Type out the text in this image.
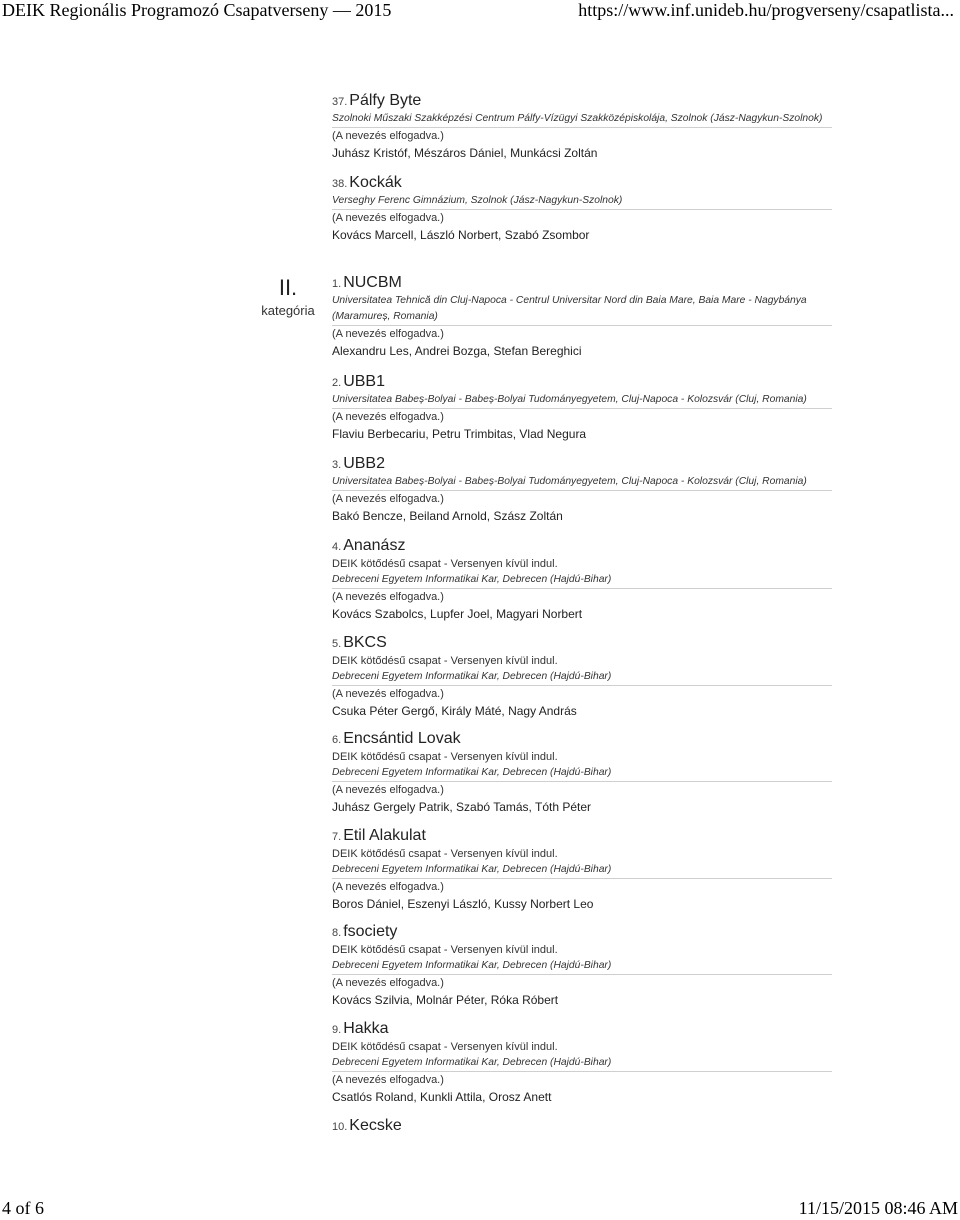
DEIK Regionális Programozó Csapatverseny — 2015	https://www.inf.unideb.hu/progverseny/csapatlista...
II.
kategória
37. Pálfy Byte
Szolnoki Műszaki Szakképzési Centrum Pálfy-Vízügyi Szakközépiskolája, Szolnok (Jász-Nagykun-Szolnok)
(A nevezés elfogadva.)
Juhász Kristóf, Mészáros Dániel, Munkácsi Zoltán
38. Kockák
Verseghy Ferenc Gimnázium, Szolnok (Jász-Nagykun-Szolnok)
(A nevezés elfogadva.)
Kovács Marcell, László Norbert, Szabó Zsombor
1. NUCBM
Universitatea Tehnică din Cluj-Napoca - Centrul Universitar Nord din Baia Mare, Baia Mare - Nagybánya (Maramureș, Romania)
(A nevezés elfogadva.)
Alexandru Les, Andrei Bozga, Stefan Bereghici
2. UBB1
Universitatea Babeș-Bolyai - Babeș-Bolyai Tudományegyetem, Cluj-Napoca - Kolozsvár (Cluj, Romania)
(A nevezés elfogadva.)
Flaviu Berbecariu, Petru Trimbitas, Vlad Negura
3. UBB2
Universitatea Babeș-Bolyai - Babeș-Bolyai Tudományegyetem, Cluj-Napoca - Kolozsvár (Cluj, Romania)
(A nevezés elfogadva.)
Bakó Bencze, Beiland Arnold, Szász Zoltán
4. Ananász
DEIK kötődésű csapat - Versenyen kívül indul.
Debreceni Egyetem Informatikai Kar, Debrecen (Hajdú-Bihar)
(A nevezés elfogadva.)
Kovács Szabolcs, Lupfer Joel, Magyari Norbert
5. BKCS
DEIK kötődésű csapat - Versenyen kívül indul.
Debreceni Egyetem Informatikai Kar, Debrecen (Hajdú-Bihar)
(A nevezés elfogadva.)
Csuka Péter Gergő, Király Máté, Nagy András
6. Encsántid Lovak
DEIK kötődésű csapat - Versenyen kívül indul.
Debreceni Egyetem Informatikai Kar, Debrecen (Hajdú-Bihar)
(A nevezés elfogadva.)
Juhász Gergely Patrik, Szabó Tamás, Tóth Péter
7. Etil Alakulat
DEIK kötődésű csapat - Versenyen kívül indul.
Debreceni Egyetem Informatikai Kar, Debrecen (Hajdú-Bihar)
(A nevezés elfogadva.)
Boros Dániel, Eszenyi László, Kussy Norbert Leo
8. fsociety
DEIK kötődésű csapat - Versenyen kívül indul.
Debreceni Egyetem Informatikai Kar, Debrecen (Hajdú-Bihar)
(A nevezés elfogadva.)
Kovács Szilvia, Molnár Péter, Róka Róbert
9. Hakka
DEIK kötődésű csapat - Versenyen kívül indul.
Debreceni Egyetem Informatikai Kar, Debrecen (Hajdú-Bihar)
(A nevezés elfogadva.)
Csatlós Roland, Kunkli Attila, Orosz Anett
10. Kecske
4 of 6	11/15/2015 08:46 AM
